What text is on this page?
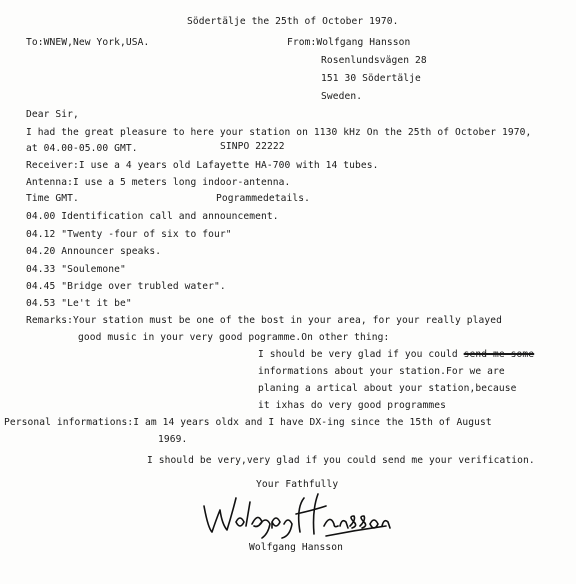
Södertälje the 25th of October 1970.
To:WNEW,New York,USA.	From:Wolfgang Hansson
Rosenlundsvägen 28
151 30 Södertälje
Sweden.
Dear Sir,
I had the great pleasure to here your station on 1130 kHz On the 25th of October 1970,
at 04.00-05.00 GMT.	SINPO 22222
Receiver:I use a 4 years old Lafayette HA-700 with 14 tubes.
Antenna:I use a 5 meters long indoor-antenna.
Time GMT.	Pogrammedetails.
04.00 Identification call and announcement.
04.12 "Twenty -four of six to four"
04.20 Announcer speaks.
04.33 "Soulemone"
04.45 "Bridge over trubled water".
04.53 "Le't it be"
Remarks:Your station must be one of the bost in your area, for your really played
good music in your very good pogramme.On other thing:
I should be very glad if you could send me some
informations about your station.For we are
planing a artical about your station,because
it ixhas do very good programmes
Personal informations:I am 14 years oldx and I have DX-ing since the 15th of August
1969.
I should be very,very glad if you could send me your verification.
Your Fathfully
Wolfgang Hansson
